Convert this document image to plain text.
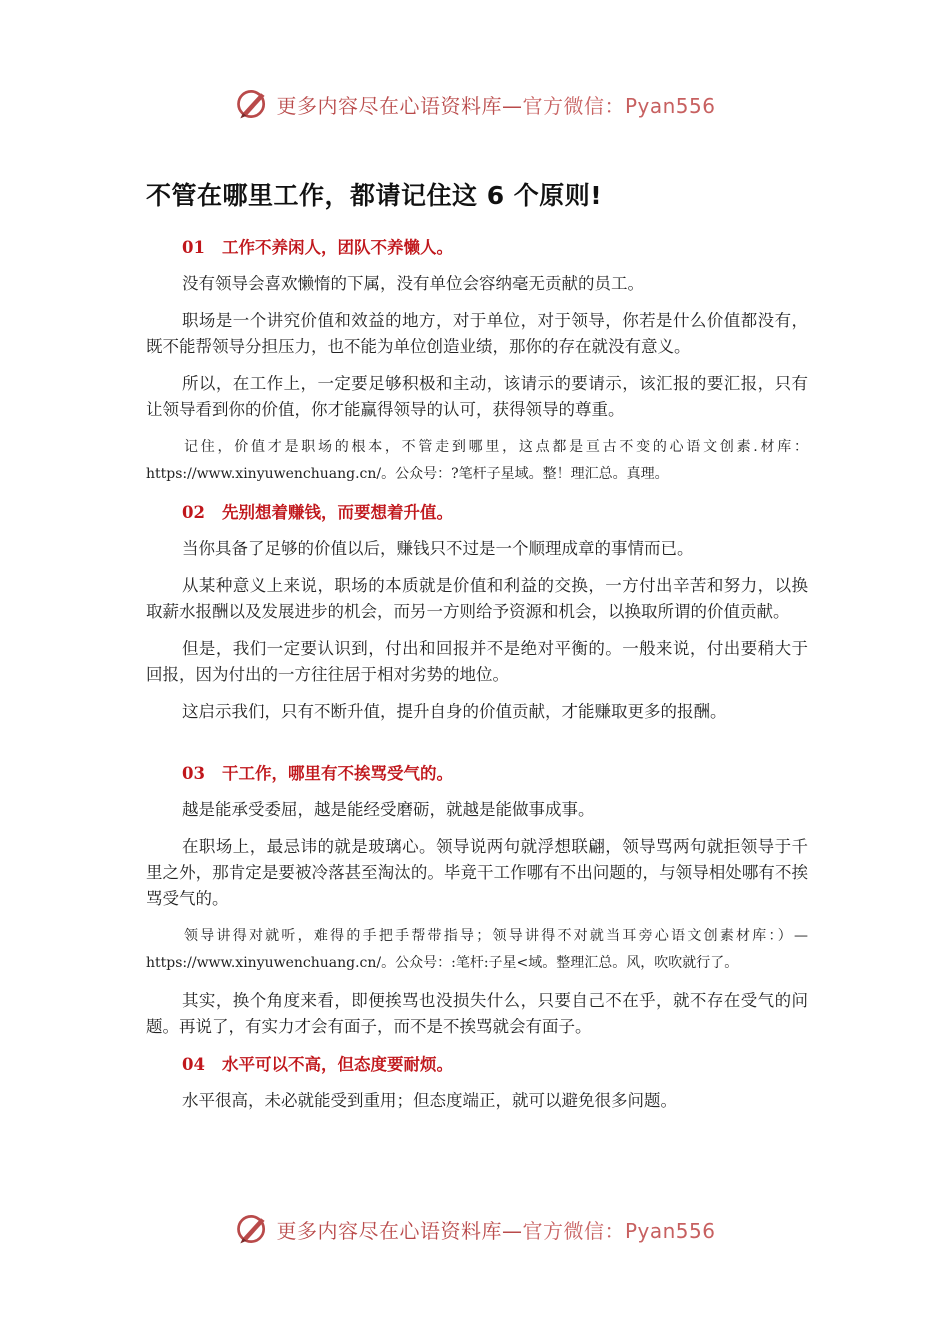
更多内容尽在心语资料库—官方微信：Pyan556
不管在哪里工作，都请记住这 6 个原则!
01 工作不养闲人，团队不养懒人。

没有领导会喜欢懒惰的下属，没有单位会容纳毫无贡献的员工。

职场是一个讲究价值和效益的地方，对于单位，对于领导，你若是什么价值都没有，既不能帮领导分担压力，也不能为单位创造业绩，那你的存在就没有意义。

所以，在工作上，一定要足够积极和主动，该请示的要请示，该汇报的要汇报，只有让领导看到你的价值，你才能赢得领导的认可，获得领导的尊重。

记住，价值才是职场的根本，不管走到哪里，这点都是亘古不变的心语文创素.材库：https://www.xinyuwenchuang.cn/。公众号：?笔杆子星域。整！理汇总。真理。

02 先别想着赚钱，而要想着升值。

当你具备了足够的价值以后，赚钱只不过是一个顺理成章的事情而已。

从某种意义上来说，职场的本质就是价值和利益的交换，一方付出辛苦和努力，以换取薪水报酬以及发展进步的机会，而另一方则给予资源和机会，以换取所谓的价值贡献。

但是，我们一定要认识到，付出和回报并不是绝对平衡的。一般来说，付出要稍大于回报，因为付出的一方往往居于相对劣势的地位。

这启示我们，只有不断升值，提升自身的价值贡献，才能赚取更多的报酬。

03 干工作，哪里有不挨骂受气的。

越是能承受委屈，越是能经受磨砺，就越是能做事成事。

在职场上，最忌讳的就是玻璃心。领导说两句就浮想联翩，领导骂两句就拒领导于千里之外，那肯定是要被冷落甚至淘汰的。毕竟干工作哪有不出问题的，与领导相处哪有不挨骂受气的。

领导讲得对就听，难得的手把手帮带指导；领导讲得不对就当耳旁心语文创素材库：）—https://www.xinyuwenchuang.cn/。公众号：:笔杆:子星<域。整理汇总。风，吹吹就行了。

其实，换个角度来看，即便挨骂也没损失什么，只要自己不在乎，就不存在受气的问题。再说了，有实力才会有面子，而不是不挨骂就会有面子。

04 水平可以不高，但态度要耐烦。

水平很高，未必就能受到重用；但态度端正，就可以避免很多问题。

更多内容尽在心语资料库—官方微信：Pyan556
